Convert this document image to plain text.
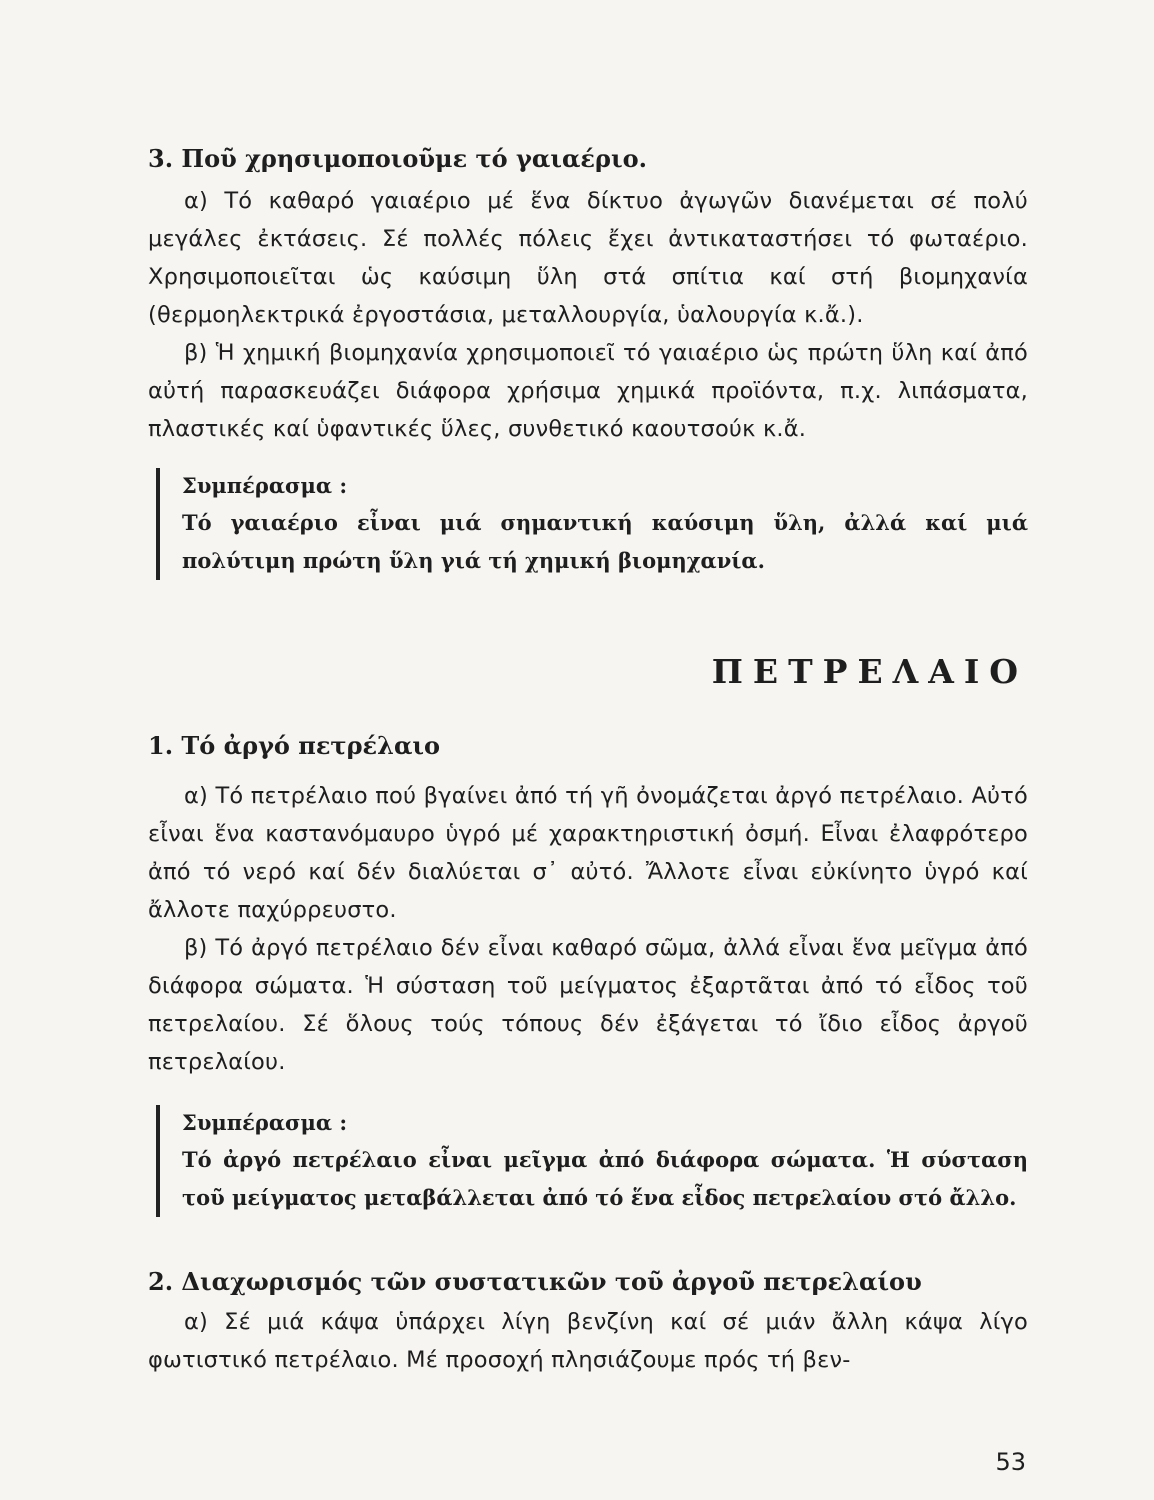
3. Ποῦ χρησιμοποιοῦμε τό γαιαέριο.

α) Τό καθαρό γαιαέριο μέ ἕνα δίκτυο ἀγωγῶν διανέμεται σέ πολύ μεγάλες ἐκτάσεις. Σέ πολλές πόλεις ἔχει ἀντικαταστήσει τό φωταέριο. Χρησιμοποιεῖται ὡς καύσιμη ὕλη στά σπίτια καί στή βιομηχανία (θερμοηλεκτρικά ἐργοστάσια, μεταλλουργία, ὑαλουργία κ.ἄ.).

β) Ἡ χημική βιομηχανία χρησιμοποιεῖ τό γαιαέριο ὡς πρώτη ὕλη καί ἀπό αὐτή παρασκευάζει διάφορα χρήσιμα χημικά προϊόντα, π.χ. λιπάσματα, πλαστικές καί ὑφαντικές ὕλες, συνθετικό καουτσούκ κ.ἄ.

Συμπέρασμα :

Τό γαιαέριο εἶναι μιά σημαντική καύσιμη ὕλη, ἀλλά καί μιά πολύτιμη πρώτη ὕλη γιά τή χημική βιομηχανία.

ΠΕΤΡΕΛΑΙΟ
1. Τό ἀργό πετρέλαιο

α) Τό πετρέλαιο πού βγαίνει ἀπό τή γῆ ὀνομάζεται ἀργό πετρέλαιο. Αὐτό εἶναι ἕνα καστανόμαυρο ὑγρό μέ χαρακτηριστική ὀσμή. Εἶναι ἐλαφρότερο ἀπό τό νερό καί δέν διαλύεται σ᾿ αὐτό. Ἄλλοτε εἶναι εὐκίνητο ὑγρό καί ἄλλοτε παχύρρευστο.

β) Τό ἀργό πετρέλαιο δέν εἶναι καθαρό σῶμα, ἀλλά εἶναι ἕνα μεῖγμα ἀπό διάφορα σώματα. Ἡ σύσταση τοῦ μείγματος ἐξαρτᾶται ἀπό τό εἶδος τοῦ πετρελαίου. Σέ ὅλους τούς τόπους δέν ἐξάγεται τό ἴδιο εἶδος ἀργοῦ πετρελαίου.

Συμπέρασμα :

Τό ἀργό πετρέλαιο εἶναι μεῖγμα ἀπό διάφορα σώματα. Ἡ σύσταση τοῦ μείγματος μεταβάλλεται ἀπό τό ἕνα εἶδος πετρελαίου στό ἄλλο.

2. Διαχωρισμός τῶν συστατικῶν τοῦ ἀργοῦ πετρελαίου

α) Σέ μιά κάψα ὑπάρχει λίγη βενζίνη καί σέ μιάν ἄλλη κάψα λίγο φωτιστικό πετρέλαιο. Μέ προσοχή πλησιάζουμε πρός τή βεν-

53
